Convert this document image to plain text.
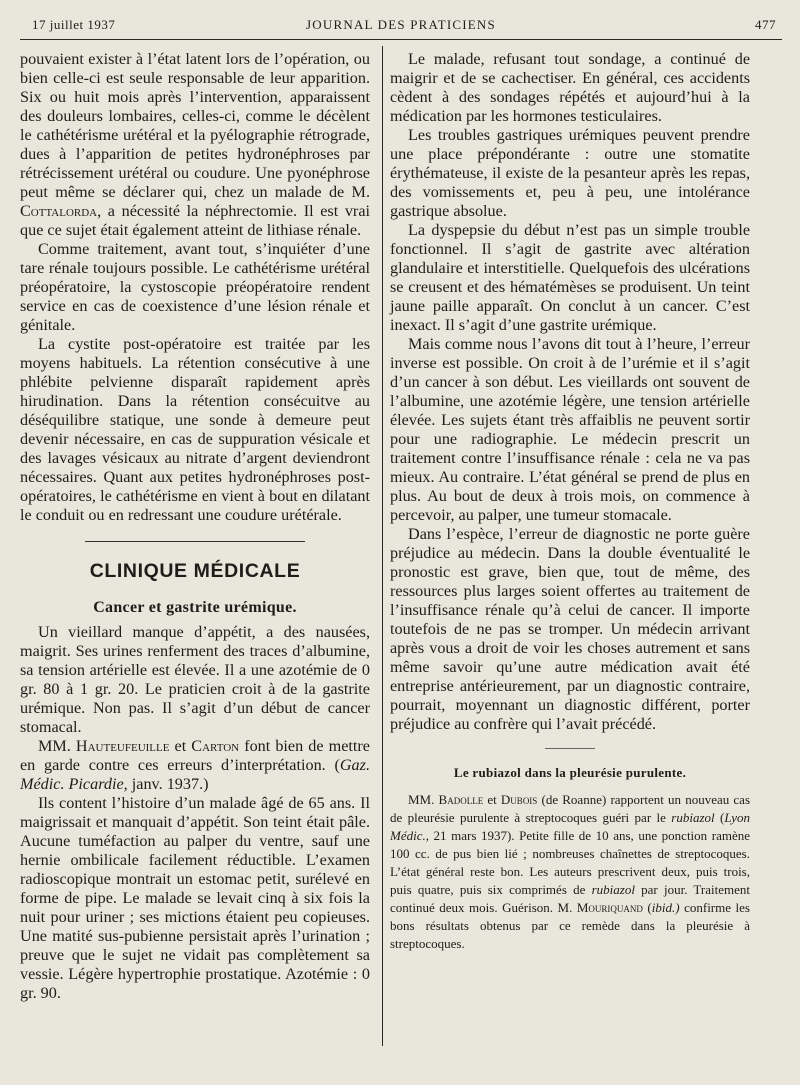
17 juillet 1937	JOURNAL DES PRATICIENS	477

pouvaient exister à l’état latent lors de l’opération, ou bien celle-ci est seule responsable de leur apparition. Six ou huit mois après l’intervention, apparaissent des douleurs lombaires, celles-ci, comme le décèlent le cathétérisme urétéral et la pyélographie rétrograde, dues à l’apparition de petites hydronéphroses par rétrécissement urétéral ou coudure. Une pyonéphrose peut même se déclarer qui, chez un malade de M. Cottalorda, a nécessité la néphrectomie. Il est vrai que ce sujet était également atteint de lithiase rénale.

Comme traitement, avant tout, s’inquiéter d’une tare rénale toujours possible. Le cathétérisme urétéral préopératoire, la cystoscopie préopératoire rendent service en cas de coexistence d’une lésion rénale et génitale.

La cystite post-opératoire est traitée par les moyens habituels. La rétention consécutive à une phlébite pelvienne disparaît rapidement après hirudination. Dans la rétention consécuitve au déséquilibre statique, une sonde à demeure peut devenir nécessaire, en cas de suppuration vésicale et des lavages vésicaux au nitrate d’argent deviendront nécessaires. Quant aux petites hydronéphroses post-opératoires, le cathétérisme en vient à bout en dilatant le conduit ou en redressant une coudure urétérale.

CLINIQUE MÉDICALE
Cancer et gastrite urémique.

Un vieillard manque d’appétit, a des nausées, maigrit. Ses urines renferment des traces d’albumine, sa tension artérielle est élevée. Il a une azotémie de 0 gr. 80 à 1 gr. 20. Le praticien croit à de la gastrite urémique. Non pas. Il s’agit d’un début de cancer stomacal.

MM. Hauteufeuille et Carton font bien de mettre en garde contre ces erreurs d’interprétation. (Gaz. Médic. Picardie, janv. 1937.)

Ils content l’histoire d’un malade âgé de 65 ans. Il maigrissait et manquait d’appétit. Son teint était pâle. Aucune tuméfaction au palper du ventre, sauf une hernie ombilicale facilement réductible. L’examen radioscopique montrait un estomac petit, surélevé en forme de pipe. Le malade se levait cinq à six fois la nuit pour uriner ; ses mictions étaient peu copieuses. Une matité sus-pubienne persistait après l’urination ; preuve que le sujet ne vidait pas complètement sa vessie. Légère hypertrophie prostatique. Azotémie : 0 gr. 90.

Le malade, refusant tout sondage, a continué de maigrir et de se cachectiser. En général, ces accidents cèdent à des sondages répétés et aujourd’hui à la médication par les hormones testiculaires.

Les troubles gastriques urémiques peuvent prendre une place prépondérante : outre une stomatite érythémateuse, il existe de la pesanteur après les repas, des vomissements et, peu à peu, une intolérance gastrique absolue.

La dyspepsie du début n’est pas un simple trouble fonctionnel. Il s’agit de gastrite avec altération glandulaire et interstitielle. Quelquefois des ulcérations se creusent et des hématémèses se produisent. Un teint jaune paille apparaît. On conclut à un cancer. C’est inexact. Il s’agit d’une gastrite urémique.

Mais comme nous l’avons dit tout à l’heure, l’erreur inverse est possible. On croit à de l’urémie et il s’agit d’un cancer à son début. Les vieillards ont souvent de l’albumine, une azotémie légère, une tension artérielle élevée. Les sujets étant très affaiblis ne peuvent sortir pour une radiographie. Le médecin prescrit un traitement contre l’insuffisance rénale : cela ne va pas mieux. Au contraire. L’état général se prend de plus en plus. Au bout de deux à trois mois, on commence à percevoir, au palper, une tumeur stomacale.

Dans l’espèce, l’erreur de diagnostic ne porte guère préjudice au médecin. Dans la double éventualité le pronostic est grave, bien que, tout de même, des ressources plus larges soient offertes au traitement de l’insuffisance rénale qu’à celui de cancer. Il importe toutefois de ne pas se tromper. Un médecin arrivant après vous a droit de voir les choses autrement et sans même savoir qu’une autre médication avait été entreprise antérieurement, par un diagnostic contraire, pourrait, moyennant un diagnostic différent, porter préjudice au confrère qui l’avait précédé.

Le rubiazol dans la pleurésie purulente.

MM. Badolle et Dubois (de Roanne) rapportent un nouveau cas de pleurésie purulente à streptocoques guéri par le rubiazol (Lyon Médic., 21 mars 1937). Petite fille de 10 ans, une ponction ramène 100 cc. de pus bien lié ; nombreuses chaînettes de streptocoques. L’état général reste bon. Les auteurs prescrivent deux, puis trois, puis quatre, puis six comprimés de rubiazol par jour. Traitement continué deux mois. Guérison. M. Mouriquand (ibid.) confirme les bons résultats obtenus par ce remède dans la pleurésie à streptocoques.
